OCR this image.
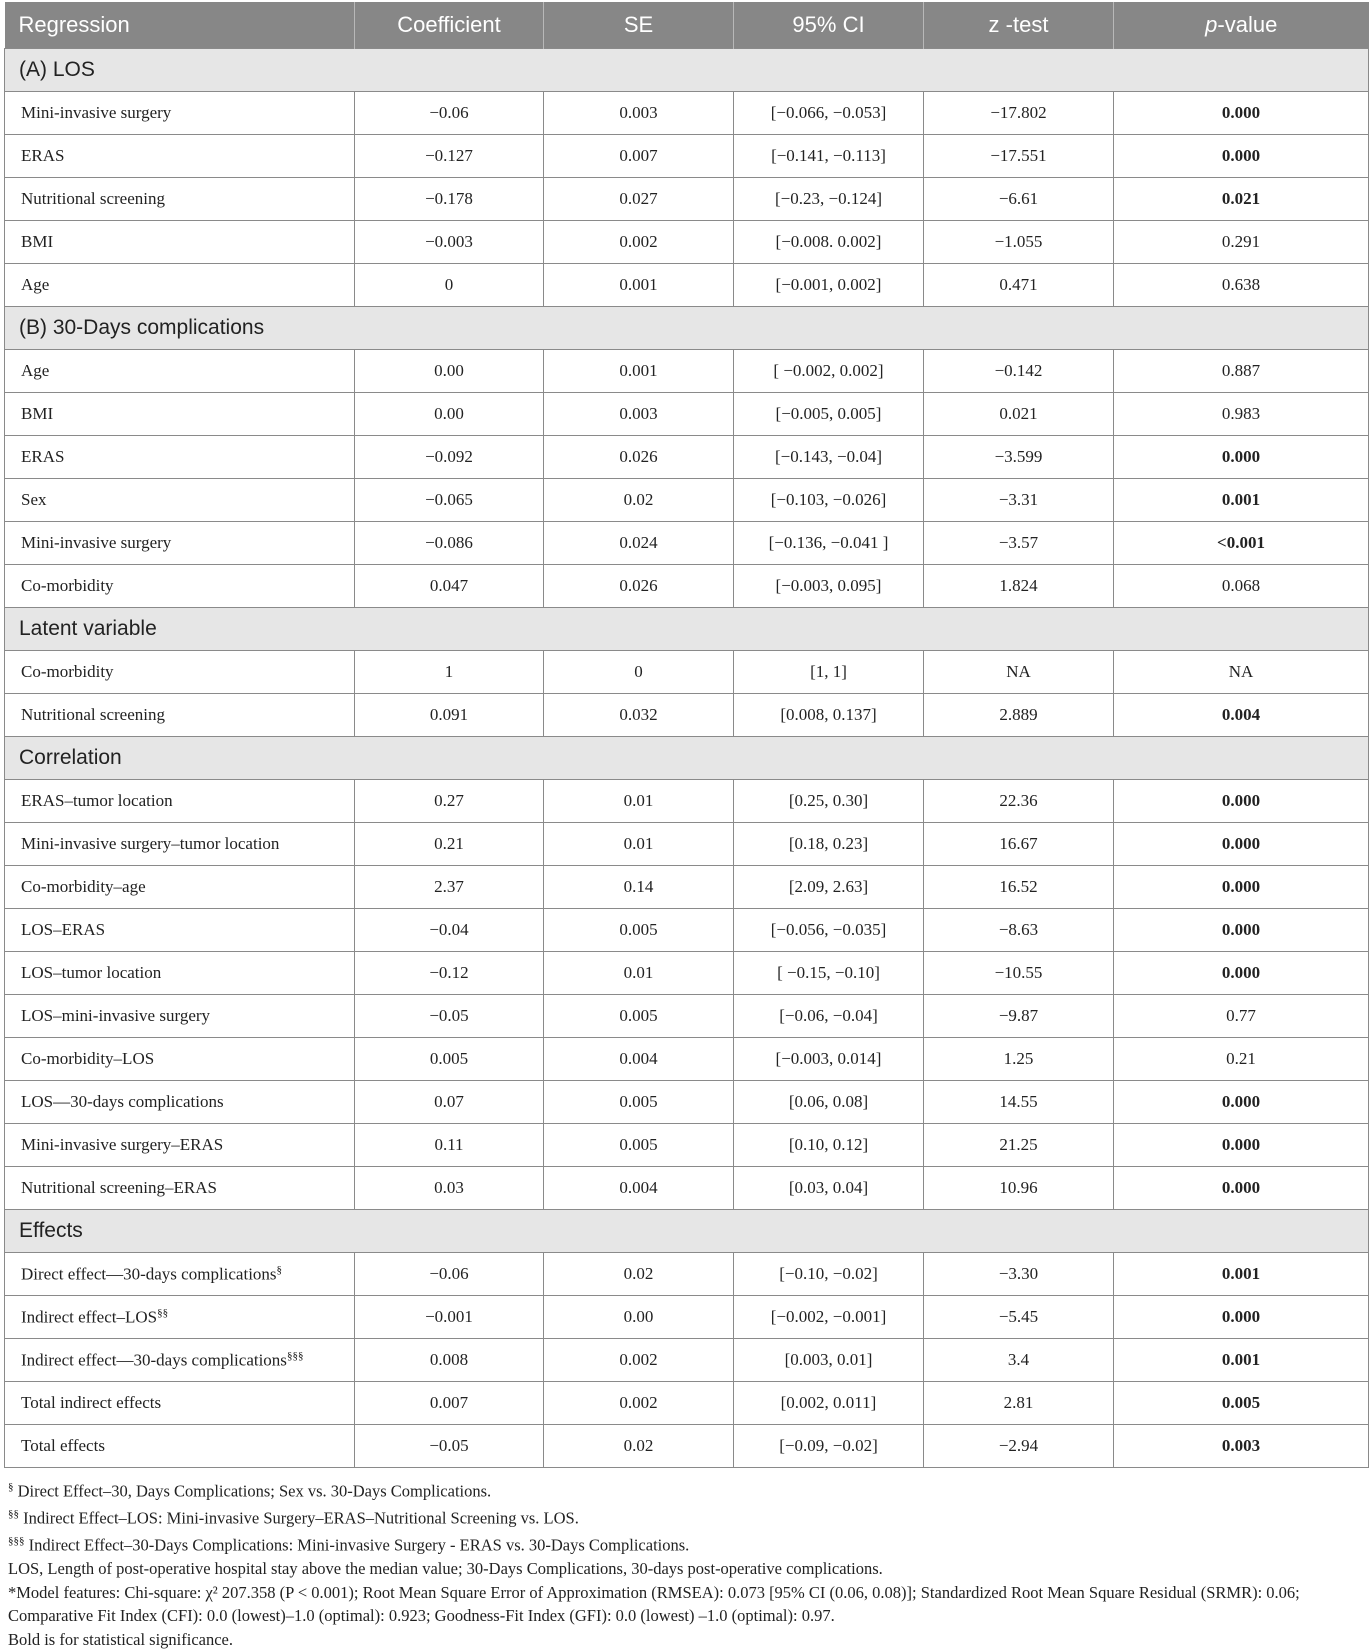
Regression	Coefficient	SE	95% CI	z -test	p-value
(A) LOS					
Mini-invasive surgery	−0.06	0.003	[−0.066, −0.053]	−17.802	0.000
ERAS	−0.127	0.007	[−0.141, −0.113]	−17.551	0.000
Nutritional screening	−0.178	0.027	[−0.23, −0.124]	−6.61	0.021
BMI	−0.003	0.002	[−0.008. 0.002]	−1.055	0.291
Age	0	0.001	[−0.001, 0.002]	0.471	0.638
(B) 30-Days complications					
Age	0.00	0.001	[ −0.002, 0.002]	−0.142	0.887
BMI	0.00	0.003	[−0.005, 0.005]	0.021	0.983
ERAS	−0.092	0.026	[−0.143, −0.04]	−3.599	0.000
Sex	−0.065	0.02	[−0.103, −0.026]	−3.31	0.001
Mini-invasive surgery	−0.086	0.024	[−0.136, −0.041 ]	−3.57	<0.001
Co-morbidity	0.047	0.026	[−0.003, 0.095]	1.824	0.068
Latent variable					
Co-morbidity	1	0	[1, 1]	NA	NA
Nutritional screening	0.091	0.032	[0.008, 0.137]	2.889	0.004
Correlation					
ERAS–tumor location	0.27	0.01	[0.25, 0.30]	22.36	0.000
Mini-invasive surgery–tumor location	0.21	0.01	[0.18, 0.23]	16.67	0.000
Co-morbidity–age	2.37	0.14	[2.09, 2.63]	16.52	0.000
LOS–ERAS	−0.04	0.005	[−0.056, −0.035]	−8.63	0.000
LOS–tumor location	−0.12	0.01	[ −0.15, −0.10]	−10.55	0.000
LOS–mini-invasive surgery	−0.05	0.005	[−0.06, −0.04]	−9.87	0.77
Co-morbidity–LOS	0.005	0.004	[−0.003, 0.014]	1.25	0.21
LOS—30-days complications	0.07	0.005	[0.06, 0.08]	14.55	0.000
Mini-invasive surgery–ERAS	0.11	0.005	[0.10, 0.12]	21.25	0.000
Nutritional screening–ERAS	0.03	0.004	[0.03, 0.04]	10.96	0.000
Effects					
Direct effect—30-days complications§	−0.06	0.02	[−0.10, −0.02]	−3.30	0.001
Indirect effect–LOS§§	−0.001	0.00	[−0.002, −0.001]	−5.45	0.000
Indirect effect—30-days complications§§§	0.008	0.002	[0.003, 0.01]	3.4	0.001
Total indirect effects	0.007	0.002	[0.002, 0.011]	2.81	0.005
Total effects	−0.05	0.02	[−0.09, −0.02]	−2.94	0.003
§ Direct Effect–30, Days Complications; Sex vs. 30-Days Complications.
§§ Indirect Effect–LOS: Mini-invasive Surgery–ERAS–Nutritional Screening vs. LOS.
§§§ Indirect Effect–30-Days Complications: Mini-invasive Surgery - ERAS vs. 30-Days Complications.
LOS, Length of post-operative hospital stay above the median value; 30-Days Complications, 30-days post-operative complications.
*Model features: Chi-square: χ² 207.358 (P < 0.001); Root Mean Square Error of Approximation (RMSEA): 0.073 [95% CI (0.06, 0.08)]; Standardized Root Mean Square Residual (SRMR): 0.06;
Comparative Fit Index (CFI): 0.0 (lowest)–1.0 (optimal): 0.923; Goodness-Fit Index (GFI): 0.0 (lowest) –1.0 (optimal): 0.97.
Bold is for statistical significance.
